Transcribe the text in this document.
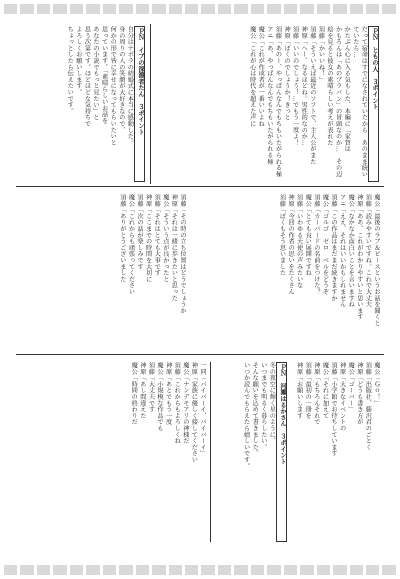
ＰＮ　ともの人　３ポイント

だって宿命はすでになされていたから　あのまま続いていたら…

かたぶん心に入る気もした、本編に「家賀は

かもろんは「あのブラバン」の冒頭なのか…　その辺

絵を見ると彼女の素晴らしい考えが表れた

須藤「かいいね！」

須藤「そういえば最近のソフトで、主人公がまた

神原「へー、なるほどね。男性的なのか…

須藤「いいのでしょう！…でもう一度よ！

神原「ぼくのでしょうか！きっと

須藤「あのー、やっぱんなんでもちもいたがられる極

アニ「あ、やっぱんなんでもちもいたがられる極

魔公「これが作成者が一番いいよね

魔公「これが心は時代を超えた声に

ＰＮ　イブの深淵者たん　３ポイント

自分はナポラの結婚式に本当に感動した。

身の周りの人の笑顔が大好きなので、

何かの形で皆に幸せになってもらいたいと

思っています。「素晴らしいお話を

あなたの小説でもっと見たい」と

思う次第です。ほどほどな気持ちで

よろしくお願いします。

ちょっとしたら伝えたいです。

魔公「最後のラブ＆ピースというお話を聞くと

須藤「読みやすいですね。これで大丈夫

神原「ああ、これがわかりやすいと思います

魔公「なかなか面白いことを言いますね

アニ「ええ、それはいいかもしれません

須藤「この作品はまだまだ続きますか

魔公「ゴルゴ　ゼロ　ベルをどうぞ

須藤「カーバードの名前をつけた？

魔公「とても良い展開ですね

須藤「いわゆる天使の声みたいな

神原「今回の作者の思いをたくさん

須藤「ぼくもそう思いました

須藤「その時の立ち位置はどうでしょうか

神原「それは一緒に歩きたいと思った

魔公「そういう点が良かったと

須藤「それはとても大事です

神原「ここまでの時間を大切に

須藤「次の話が楽しみです

魔公「これからも頑張ってください

須藤「ありがとうございました

魔公「Ｇｏ！」

須藤「出版社、藤沢君のごとく

神原「どうも書き方が

魔公「ゴーバー」

神原「大きなイベントの

須藤「小学館でお待ちしています

魔公「それに加えて

神原「もちろんそれで

須藤「最初の一冊を

神原「お願いします

ＰＮ　河瀬はるかさん　３ポイント

冬の夜空に輝く星のように、

いつまでも明るく暮らしたい。

そんな願いを込めて書きました。

いつか読んでもらえたら嬉しいです。

一同「バイバーイ、バイバーイ」

神原「家族に優しく接してください

魔公「ナンデモアリの神様だ

須藤「これからもよろしくね

神原「あとでもう一度

魔公「小規模な作品でも

須藤「大丈夫です

神原「あし間違えた

魔公「時間の終わりだ
